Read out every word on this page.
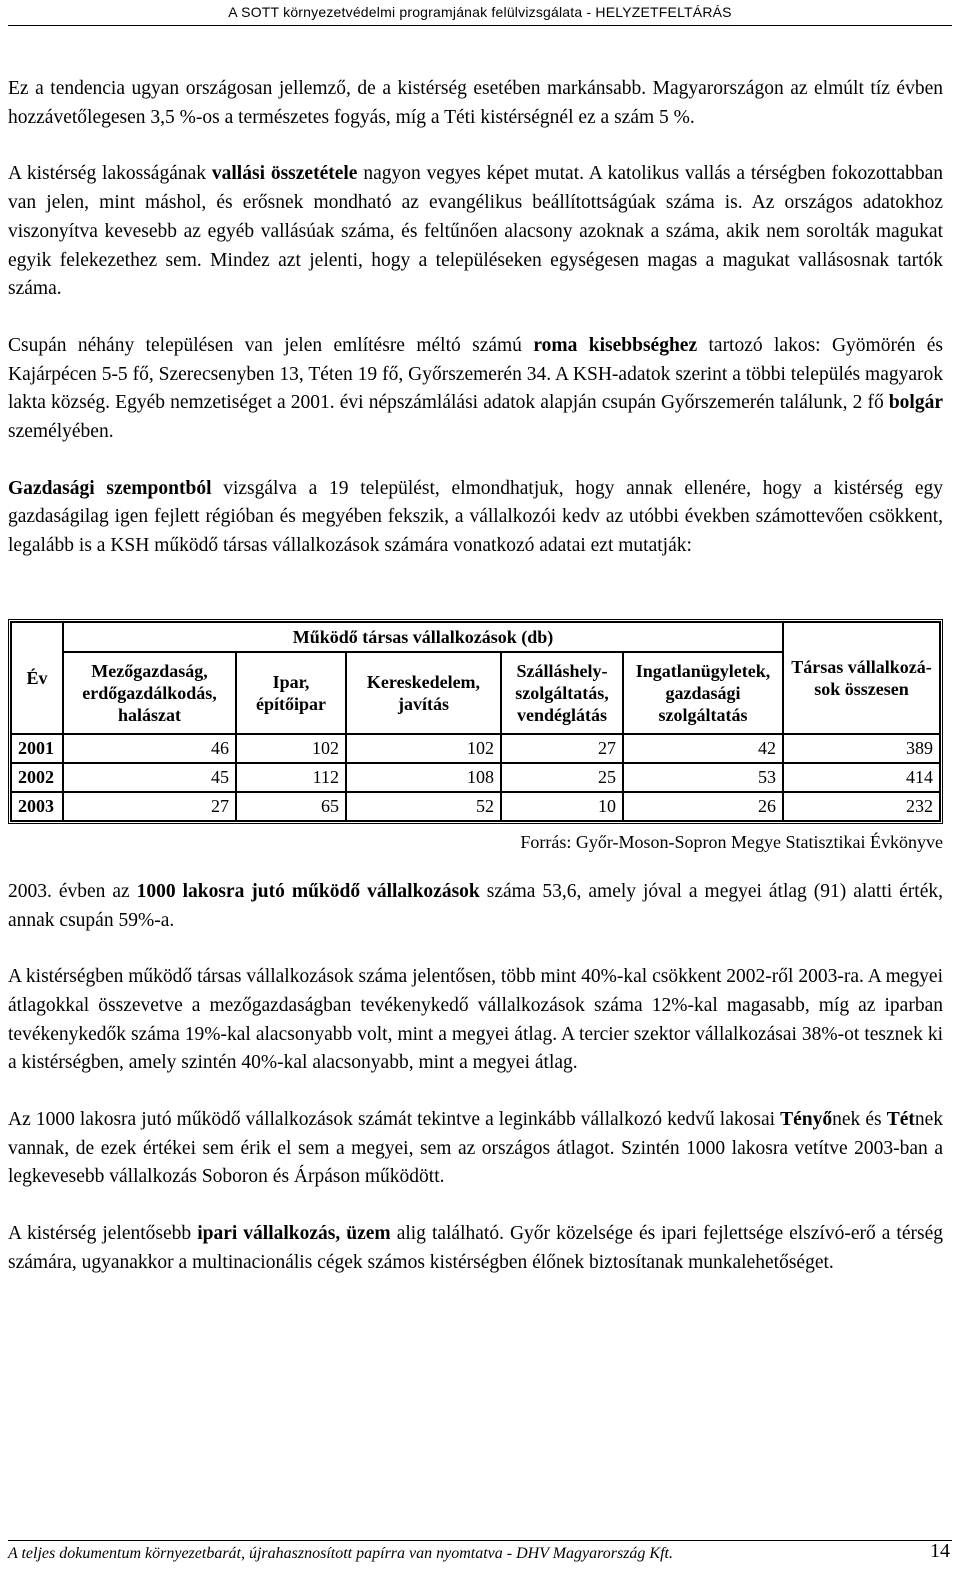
A SOTT környezetvédelmi programjának felülvizsgálata - HELYZETFELTÁRÁS

Ez a tendencia ugyan országosan jellemző, de a kistérség esetében markánsabb. Magyarországon az elmúlt tíz évben hozzávetőlegesen 3,5 %-os a természetes fogyás, míg a Téti kistérségnél ez a szám 5 %.

A kistérség lakosságának vallási összetétele nagyon vegyes képet mutat. A katolikus vallás a térségben fokozottabban van jelen, mint máshol, és erősnek mondható az evangélikus beállítottságúak száma is. Az országos adatokhoz viszonyítva kevesebb az egyéb vallásúak száma, és feltűnően alacsony azoknak a száma, akik nem sorolták magukat egyik felekezethez sem. Mindez azt jelenti, hogy a településeken egységesen magas a magukat vallásosnak tartók száma.

Csupán néhány településen van jelen említésre méltó számú roma kisebbséghez tartozó lakos: Gyömörén és Kajárpécen 5-5 fő, Szerecsenyben 13, Téten 19 fő, Győrszemerén 34. A KSH-adatok szerint a többi település magyarok lakta község. Egyéb nemzetiséget a 2001. évi népszámlálási adatok alapján csupán Győrszemerén találunk, 2 fő bolgár személyében.

Gazdasági szempontból vizsgálva a 19 települést, elmondhatjuk, hogy annak ellenére, hogy a kistérség egy gazdaságilag igen fejlett régióban és megyében fekszik, a vállalkozói kedv az utóbbi években számottevően csökkent, legalább is a KSH működő társas vállalkozások számára vonatkozó adatai ezt mutatják:

Év	Működő társas vállalkozások (db)					Társas vállalkozá-sok összesen
	Mezőgazdaság, erdőgazdálkodás, halászat	Ipar, építőipar	Kereskedelem, javítás	Szálláshely-szolgáltatás, vendéglátás	Ingatlanügyletek, gazdasági szolgáltatás	
2001	46	102	102	27	42	389
2002	45	112	108	25	53	414
2003	27	65	52	10	26	232
Forrás: Győr-Moson-Sopron Megye Statisztikai Évkönyve

2003. évben az 1000 lakosra jutó működő vállalkozások száma 53,6, amely jóval a megyei átlag (91) alatti érték, annak csupán 59%-a.

A kistérségben működő társas vállalkozások száma jelentősen, több mint 40%-kal csökkent 2002-ről 2003-ra. A megyei átlagokkal összevetve a mezőgazdaságban tevékenykedő vállalkozások száma 12%-kal magasabb, míg az iparban tevékenykedők száma 19%-kal alacsonyabb volt, mint a megyei átlag. A tercier szektor vállalkozásai 38%-ot tesznek ki a kistérségben, amely szintén 40%-kal alacsonyabb, mint a megyei átlag.

Az 1000 lakosra jutó működő vállalkozások számát tekintve a leginkább vállalkozó kedvű lakosai Tényőnek és Tétnek vannak, de ezek értékei sem érik el sem a megyei, sem az országos átlagot. Szintén 1000 lakosra vetítve 2003-ban a legkevesebb vállalkozás Soboron és Árpáson működött.

A kistérség jelentősebb ipari vállalkozás, üzem alig található. Győr közelsége és ipari fejlettsége elszívó-erő a térség számára, ugyanakkor a multinacionális cégek számos kistérségben élőnek biztosítanak munkalehetőséget.

A teljes dokumentum környezetbarát, újrahasznosított papírra van nyomtatva - DHV Magyarország Kft.	14
